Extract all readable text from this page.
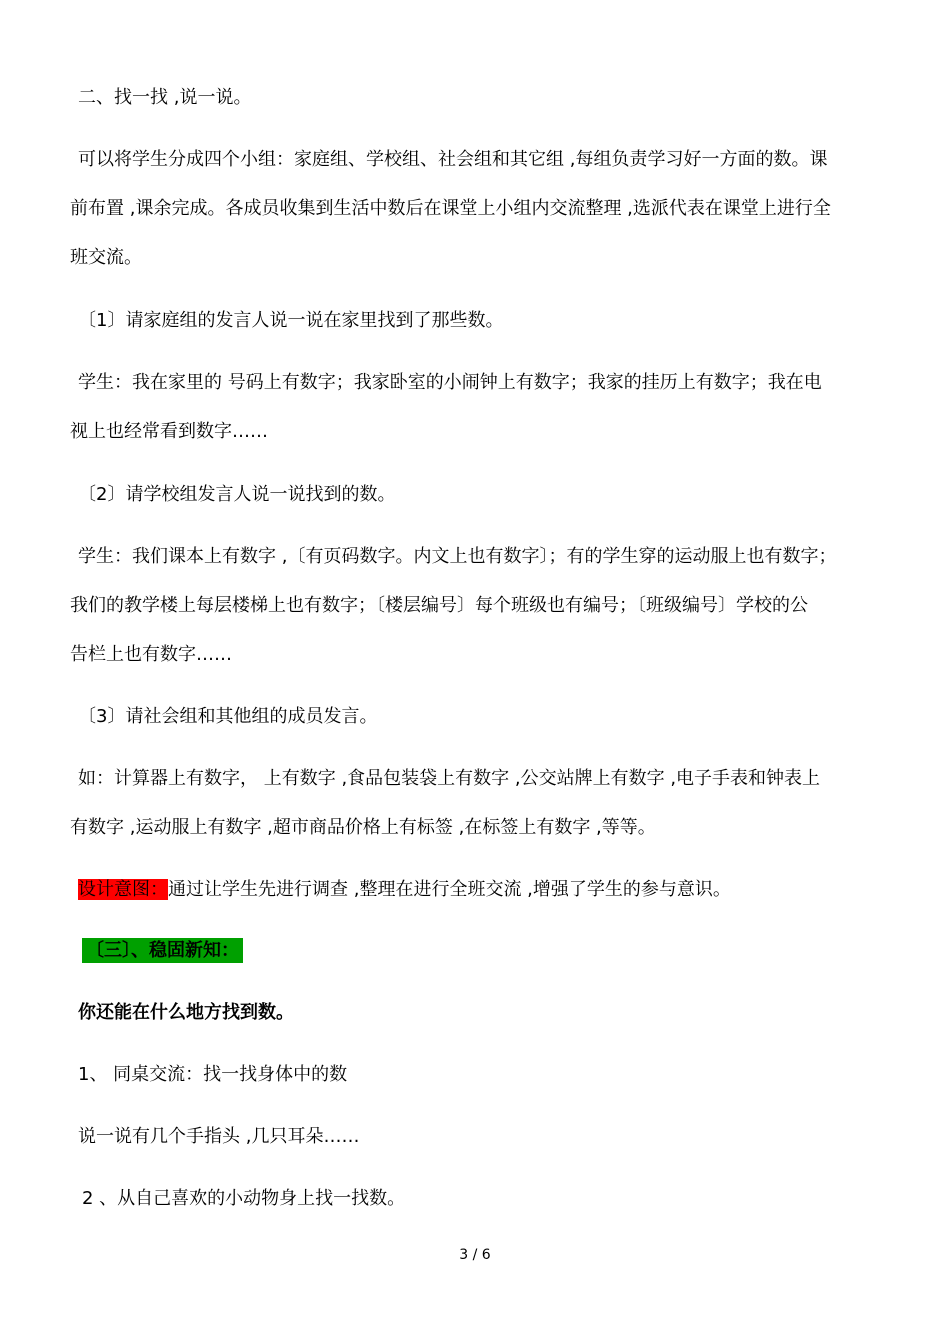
二、找一找 ,说一说。
可以将学生分成四个小组：家庭组、学校组、社会组和其它组 ,每组负责学习好一方面的数。课
前布置 ,课余完成。各成员收集到生活中数后在课堂上小组内交流整理 ,选派代表在课堂上进行全
班交流。
〔1〕请家庭组的发言人说一说在家里找到了那些数。
学生：我在家里的 号码上有数字；我家卧室的小闹钟上有数字；我家的挂历上有数字；我在电
视上也经常看到数字……
〔2〕请学校组发言人说一说找到的数。
学生：我们课本上有数字 ,〔有页码数字。内文上也有数字〕；有的学生穿的运动服上也有数字；
我们的教学楼上每层楼梯上也有数字；〔楼层编号〕每个班级也有编号；〔班级编号〕学校的公
告栏上也有数字……
〔3〕请社会组和其他组的成员发言。
如：计算器上有数字， 上有数字 ,食品包装袋上有数字 ,公交站牌上有数字 ,电子手表和钟表上
有数字 ,运动服上有数字 ,超市商品价格上有标签 ,在标签上有数字 ,等等。
设计意图：通过让学生先进行调查 ,整理在进行全班交流 ,增强了学生的参与意识。
〔三〕、稳固新知：
你还能在什么地方找到数。
1、 同桌交流：找一找身体中的数
说一说有几个手指头 ,几只耳朵……
2 、从自己喜欢的小动物身上找一找数。
3 / 6
